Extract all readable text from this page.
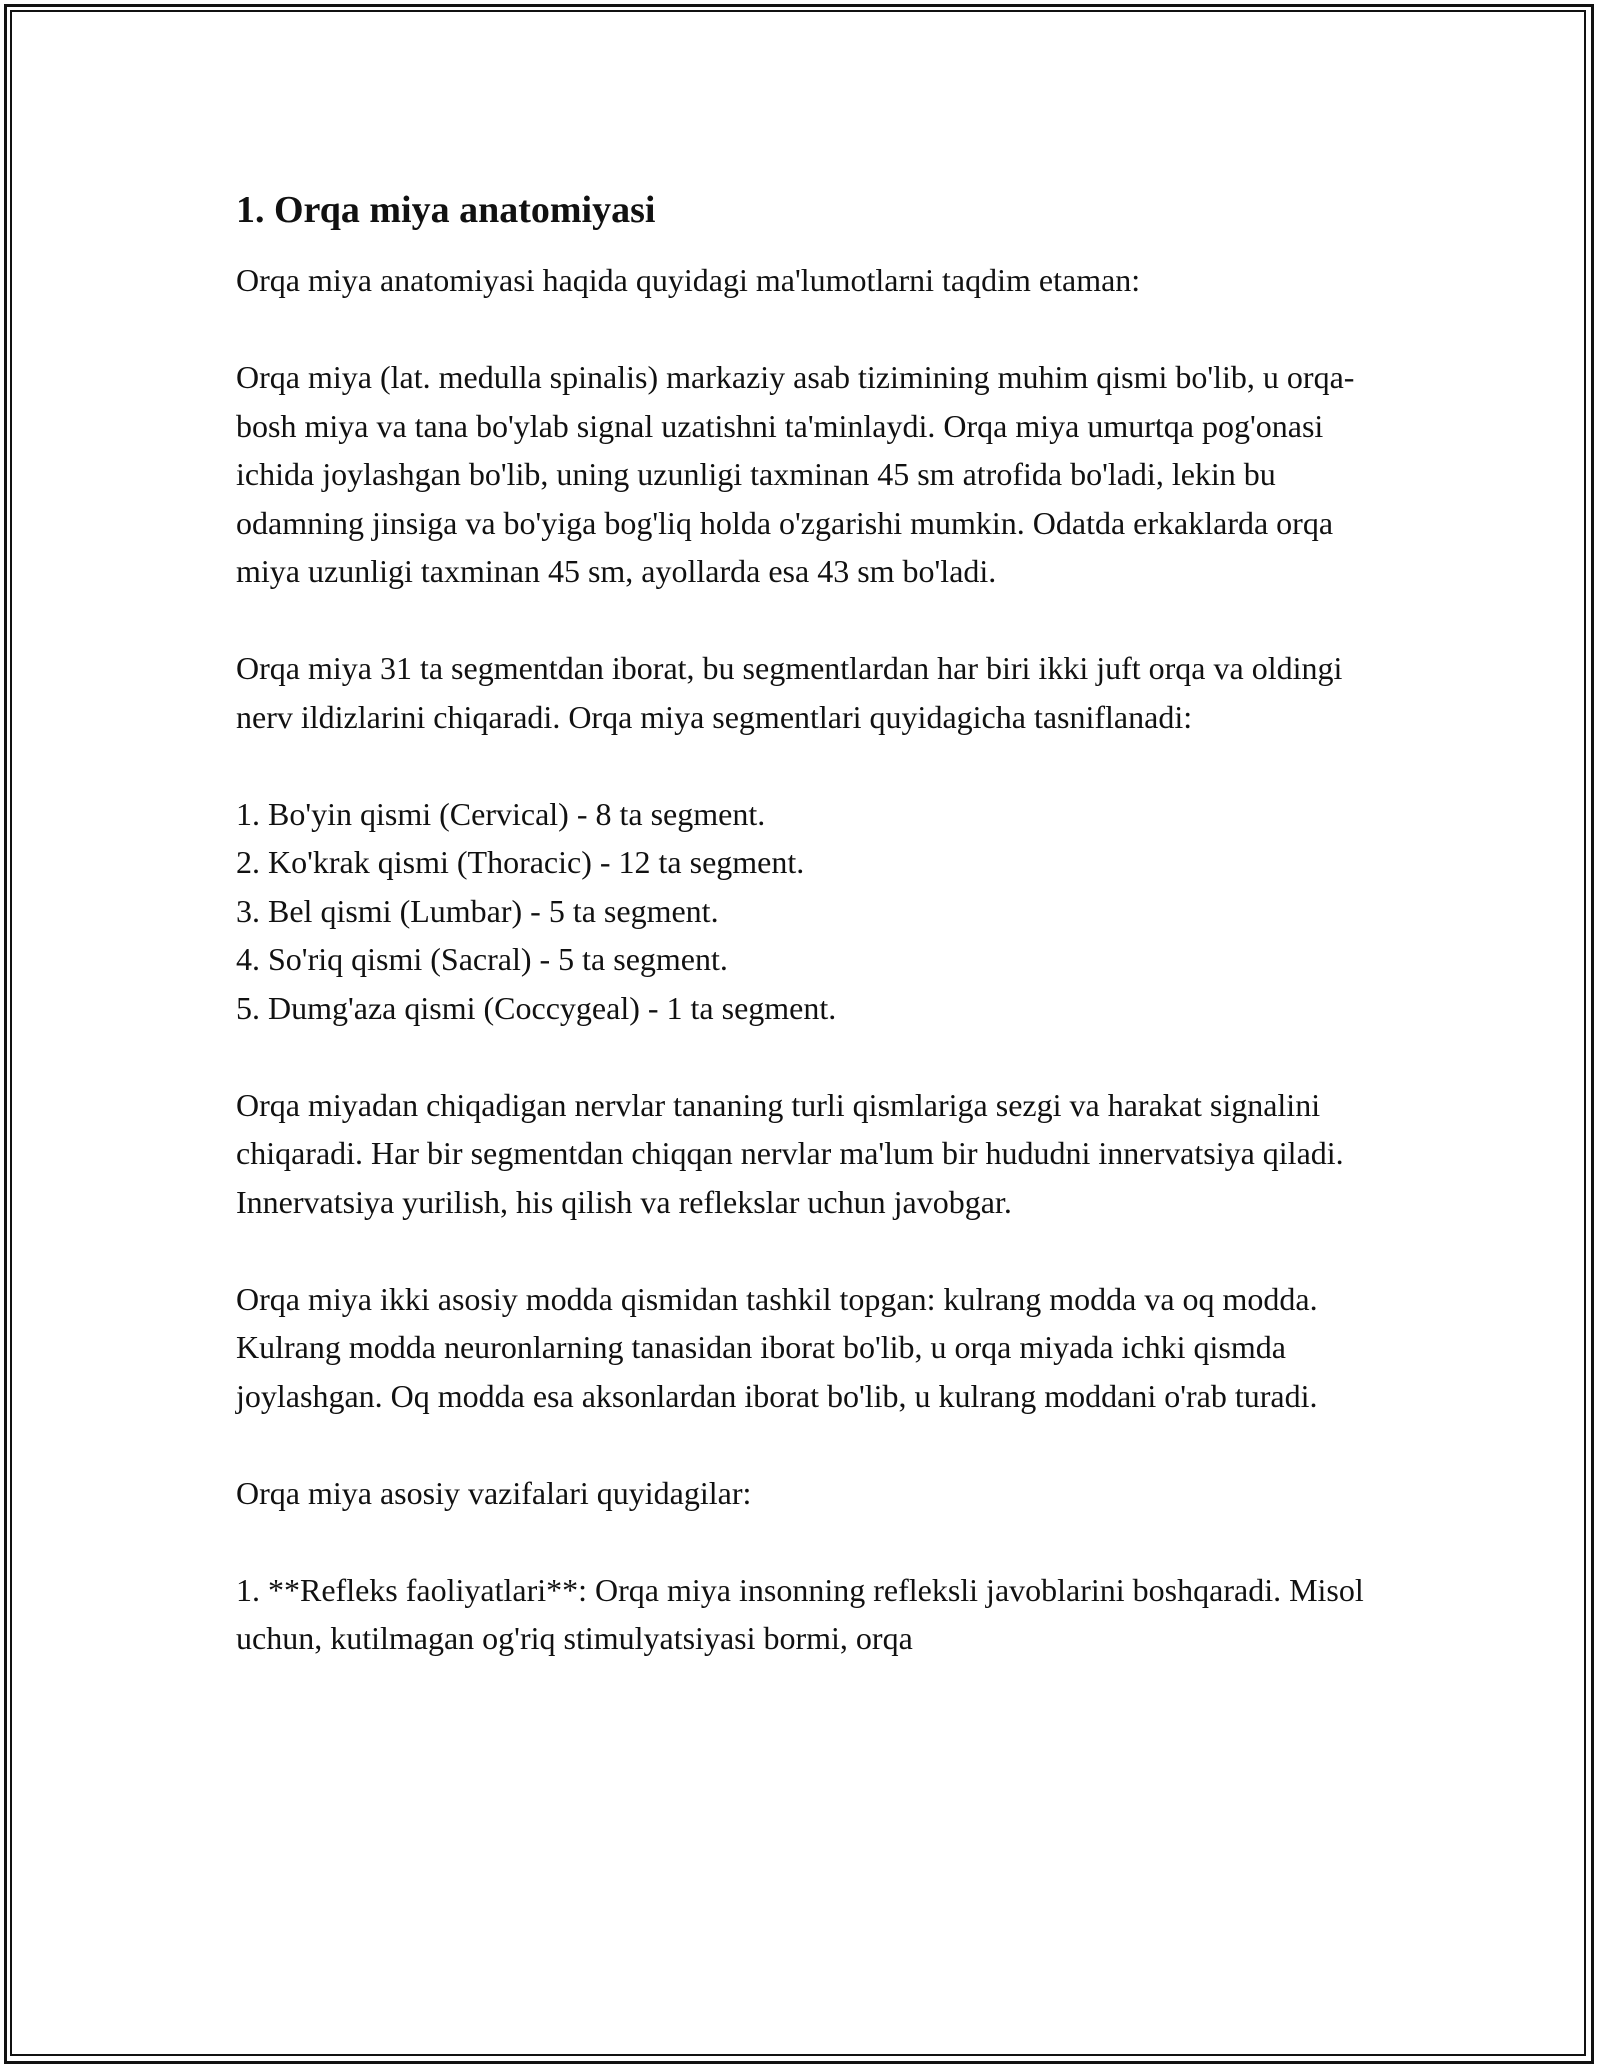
1. Orqa miya anatomiyasi

Orqa miya anatomiyasi haqida quyidagi ma'lumotlarni taqdim etaman:

Orqa miya (lat. medulla spinalis) markaziy asab tizimining muhim qismi bo'lib, u orqa-bosh miya va tana bo'ylab signal uzatishni ta'minlaydi. Orqa miya umurtqa pog'onasi ichida joylashgan bo'lib, uning uzunligi taxminan 45 sm atrofida bo'ladi, lekin bu odamning jinsiga va bo'yiga bog'liq holda o'zgarishi mumkin. Odatda erkaklarda orqa miya uzunligi taxminan 45 sm, ayollarda esa 43 sm bo'ladi.

Orqa miya 31 ta segmentdan iborat, bu segmentlardan har biri ikki juft orqa va oldingi nerv ildizlarini chiqaradi. Orqa miya segmentlari quyidagicha tasniflanadi:

1. Bo'yin qismi (Cervical) - 8 ta segment.
2. Ko'krak qismi (Thoracic) - 12 ta segment.
3. Bel qismi (Lumbar) - 5 ta segment.
4. So'riq qismi (Sacral) - 5 ta segment.
5. Dumg'aza qismi (Coccygeal) - 1 ta segment.

Orqa miyadan chiqadigan nervlar tananing turli qismlariga sezgi va harakat signalini chiqaradi. Har bir segmentdan chiqqan nervlar ma'lum bir hududni innervatsiya qiladi. Innervatsiya yurilish, his qilish va reflekslar uchun javobgar.

Orqa miya ikki asosiy modda qismidan tashkil topgan: kulrang modda va oq modda. Kulrang modda neuronlarning tanasidan iborat bo'lib, u orqa miyada ichki qismda joylashgan. Oq modda esa aksonlardan iborat bo'lib, u kulrang moddani o'rab turadi.

Orqa miya asosiy vazifalari quyidagilar:

1. **Refleks faoliyatlari**: Orqa miya insonning refleksli javoblarini boshqaradi. Misol uchun, kutilmagan og'riq stimulyatsiyasi bormi, orqa
